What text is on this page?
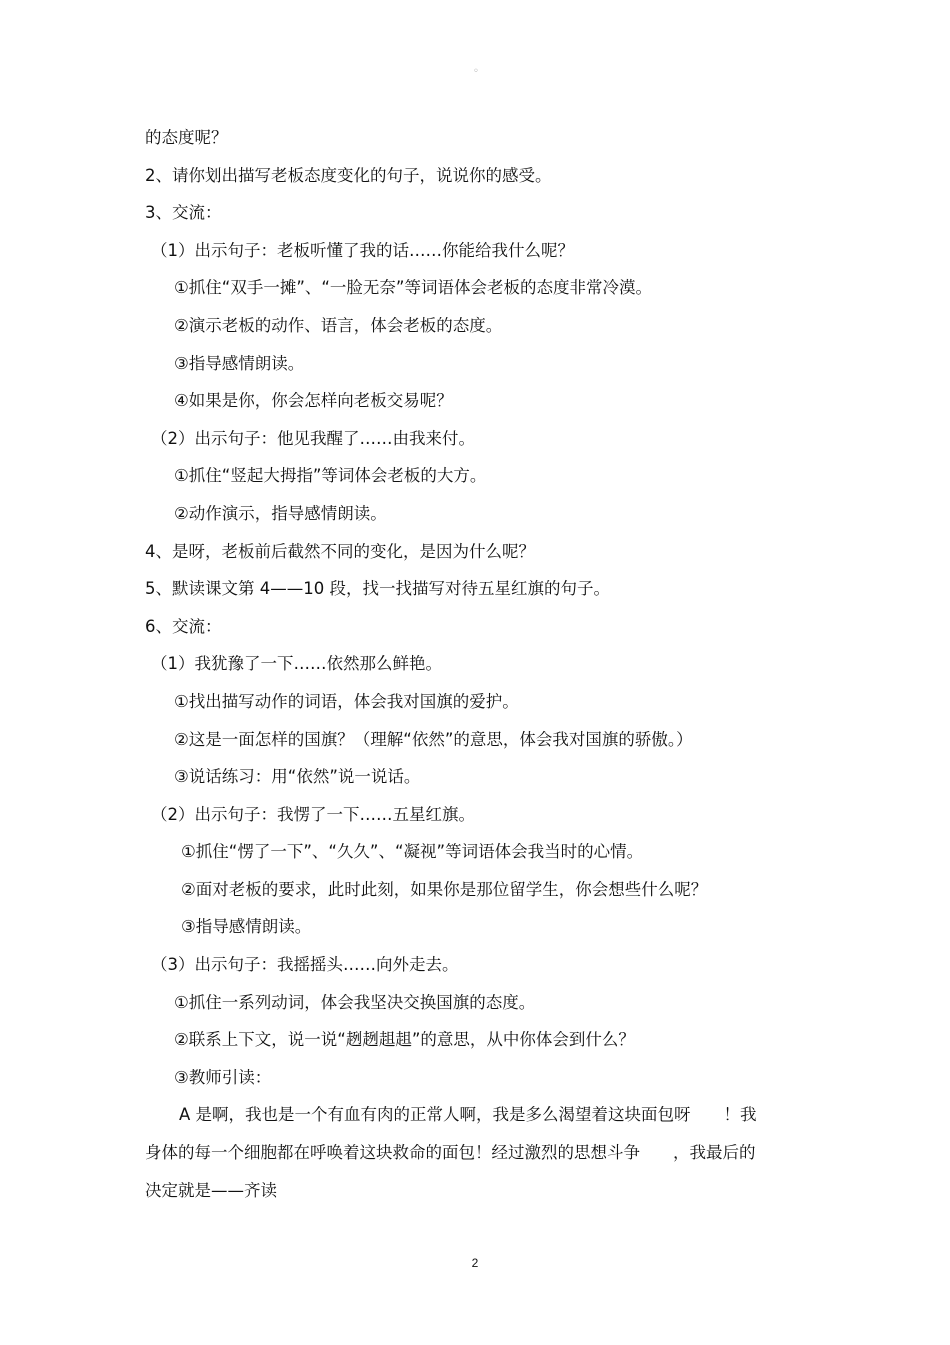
◦
的态度呢？
2、请你划出描写老板态度变化的句子，说说你的感受。
3、交流：
（1）出示句子：老板听懂了我的话……你能给我什么呢？
①抓住“双手一摊”、“一脸无奈”等词语体会老板的态度非常冷漠。
②演示老板的动作、语言，体会老板的态度。
③指导感情朗读。
④如果是你，你会怎样向老板交易呢？
（2）出示句子：他见我醒了……由我来付。
①抓住“竖起大拇指”等词体会老板的大方。
②动作演示，指导感情朗读。
4、是呀，老板前后截然不同的变化，是因为什么呢？
5、默读课文第 4——10 段，找一找描写对待五星红旗的句子。
6、交流：
（1）我犹豫了一下……依然那么鲜艳。
①找出描写动作的词语，体会我对国旗的爱护。
②这是一面怎样的国旗？（理解“依然”的意思，体会我对国旗的骄傲。）
③说话练习：用“依然”说一说话。
（2）出示句子：我愣了一下……五星红旗。
①抓住“愣了一下”、“久久”、“凝视”等词语体会我当时的心情。
②面对老板的要求，此时此刻，如果你是那位留学生，你会想些什么呢？
③指导感情朗读。
（3）出示句子：我摇摇头……向外走去。
①抓住一系列动词，体会我坚决交换国旗的态度。
②联系上下文，说一说“趔趔趄趄”的意思，从中你体会到什么？
③教师引读：
A 是啊，我也是一个有血有肉的正常人啊，我是多么渴望着这块面包呀　　！我
身体的每一个细胞都在呼唤着这块救命的面包！经过激烈的思想斗争　　，我最后的
决定就是——齐读
2
